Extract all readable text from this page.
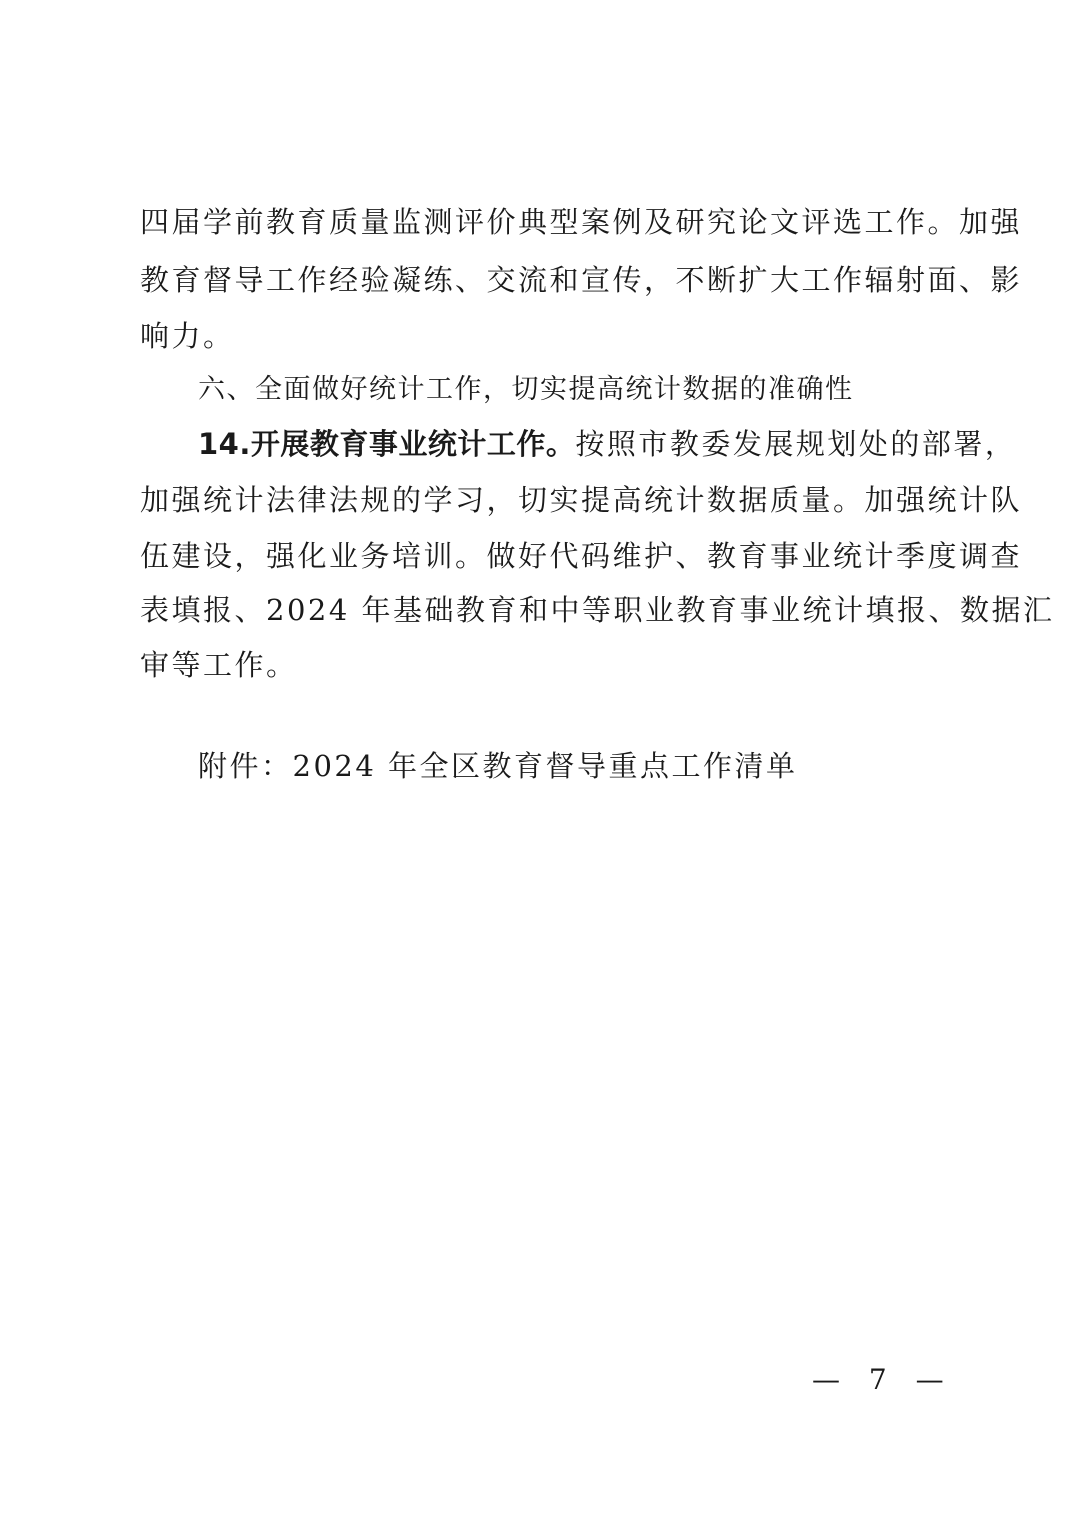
四届学前教育质量监测评价典型案例及研究论文评选工作。加强
教育督导工作经验凝练、交流和宣传，不断扩大工作辐射面、影
响力。
六、全面做好统计工作，切实提高统计数据的准确性
14.开展教育事业统计工作。按照市教委发展规划处的部署，
加强统计法律法规的学习，切实提高统计数据质量。加强统计队
伍建设，强化业务培训。做好代码维护、教育事业统计季度调查
表填报、2024 年基础教育和中等职业教育事业统计填报、数据汇
审等工作。
附件：2024 年全区教育督导重点工作清单
— 7 —
